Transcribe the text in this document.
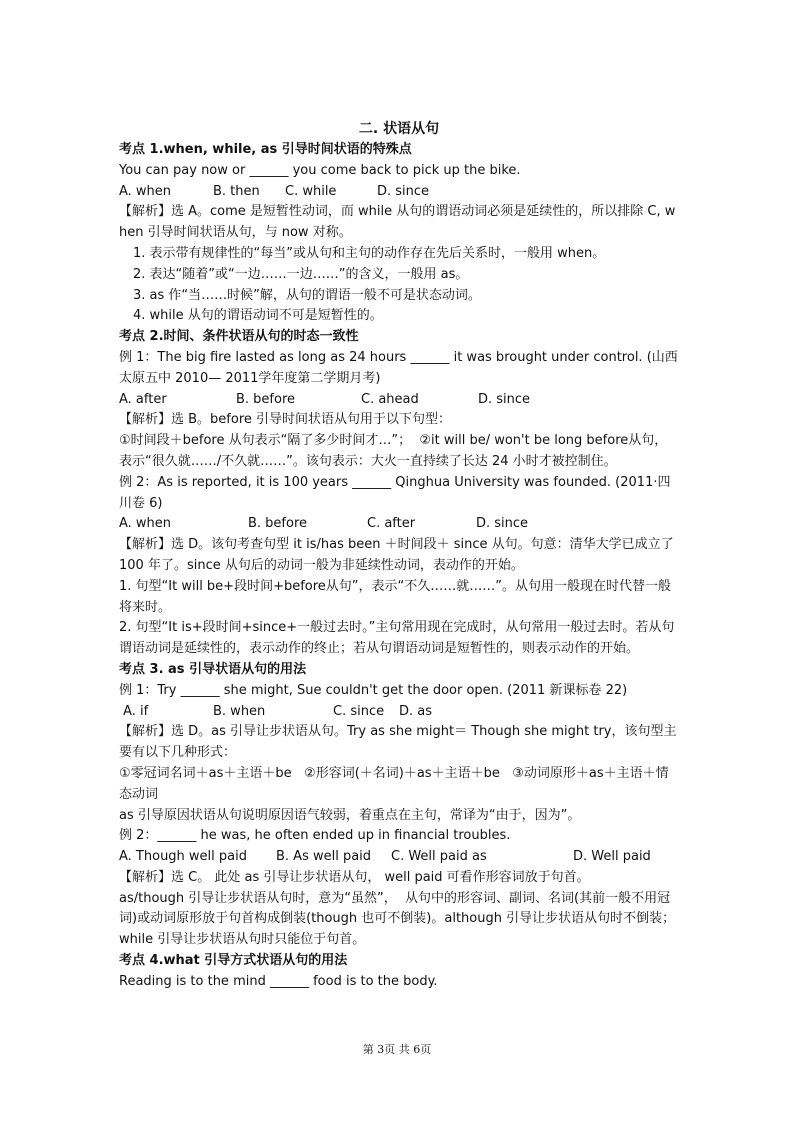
二. 状语从句

考点 1.when, while, as 引导时间状语的特殊点

You can pay now or ______ you come back to pick up the bike.

A. when	B. then	C. while	D. since

【解析】选 A。come 是短暂性动词，而 while 从句的谓语动词必须是延续性的，所以排除 C, when 引导时间状语从句，与 now 对称。

1. 表示带有规律性的“每当”或从句和主句的动作存在先后关系时，一般用 when。

2. 表达“随着”或“一边……一边……”的含义，一般用 as。

3. as 作“当……时候”解，从句的谓语一般不可是状态动词。

4. while 从句的谓语动词不可是短暂性的。

考点 2.时间、条件状语从句的时态一致性

例 1：The big fire lasted as long as 24 hours ______ it was brought under control. (山西太原五中 2010— 2011学年度第二学期月考)

A. after	B. before	C. ahead	D. since

【解析】选 B。before 引导时间状语从句用于以下句型：

①时间段＋before 从句表示“隔了多少时间才…”；  ②it will be/ won't be long before从句，表示“很久就……/不久就……”。该句表示：大火一直持续了长达 24 小时才被控制住。

例 2：As is reported, it is 100 years ______ Qinghua University was founded. (2011·四川卷 6)

A. when	B. before	C. after	D. since

【解析】选 D。该句考查句型 it is/has been ＋时间段＋ since 从句。句意：清华大学已成立了 100 年了。since 从句后的动词一般为非延续性动词，表动作的开始。

1. 句型“It will be+段时间+before从句”，表示“不久……就……”。从句用一般现在时代替一般将来时。

2. 句型“It is+段时间+since+一般过去时。”主句常用现在完成时，从句常用一般过去时。若从句谓语动词是延续性的，表示动作的终止；若从句谓语动词是短暂性的，则表示动作的开始。

考点 3. as 引导状语从句的用法

例 1：Try ______ she might, Sue couldn't get the door open. (2011 新课标卷 22)

A. if	B. when	C. since	D. as

【解析】选 D。as 引导让步状语从句。Try as she might＝ Though she might try，该句型主要有以下几种形式：

①零冠词名词＋as＋主语＋be   ②形容词(＋名词)＋as＋主语＋be   ③动词原形＋as＋主语＋情态动词

as 引导原因状语从句说明原因语气较弱，着重点在主句，常译为“由于，因为”。

例 2：______ he was, he often ended up in financial troubles.

A. Though well paid	B. As well paid	C. Well paid as	D. Well paid

【解析】选 C。 此处 as 引导让步状语从句， well paid 可看作形容词放于句首。

as/though 引导让步状语从句时，意为“虽然”，  从句中的形容词、副词、名词(其前一般不用冠词)或动词原形放于句首构成倒装(though 也可不倒装)。although 引导让步状语从句时不倒装；while 引导让步状语从句时只能位于句首。

考点 4.what 引导方式状语从句的用法

Reading is to the mind ______ food is to the body.

第 3页 共 6页
